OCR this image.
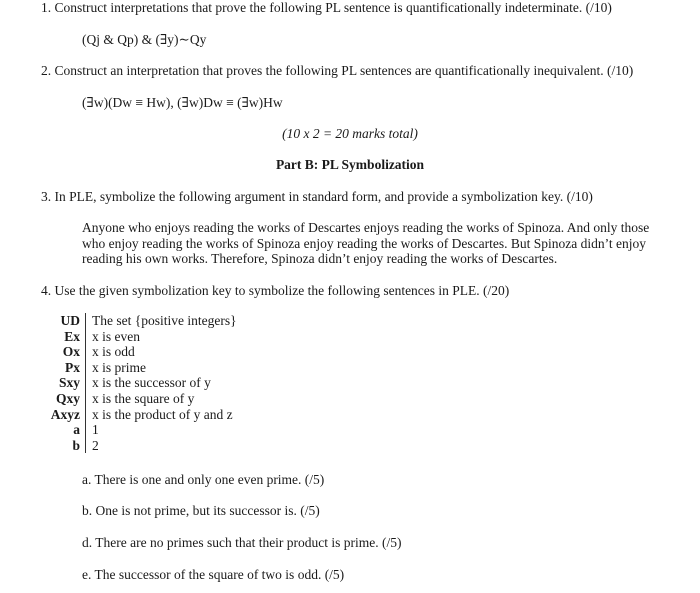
1. Construct interpretations that prove the following PL sentence is quantificationally indeterminate. (/10)
(Qj & Qp) & (∃y)∼Qy
2. Construct an interpretation that proves the following PL sentences are quantificationally inequivalent. (/10)
(∃w)(Dw ≡ Hw), (∃w)Dw ≡ (∃w)Hw
(10 x 2 = 20 marks total)
Part B: PL Symbolization
3. In PLE, symbolize the following argument in standard form, and provide a symbolization key. (/10)
Anyone who enjoys reading the works of Descartes enjoys reading the works of Spinoza. And only those who enjoy reading the works of Spinoza enjoy reading the works of Descartes. But Spinoza didn’t enjoy reading his own works. Therefore, Spinoza didn’t enjoy reading the works of Descartes.
4. Use the given symbolization key to symbolize the following sentences in PLE. (/20)
UD The set {positive integers}
Ex x is even
Ox x is odd
Px x is prime
Sxy x is the successor of y
Qxy x is the square of y
Axyz x is the product of y and z
a 1
b 2
a. There is one and only one even prime. (/5)
b. One is not prime, but its successor is. (/5)
d. There are no primes such that their product is prime. (/5)
e. The successor of the square of two is odd. (/5)
